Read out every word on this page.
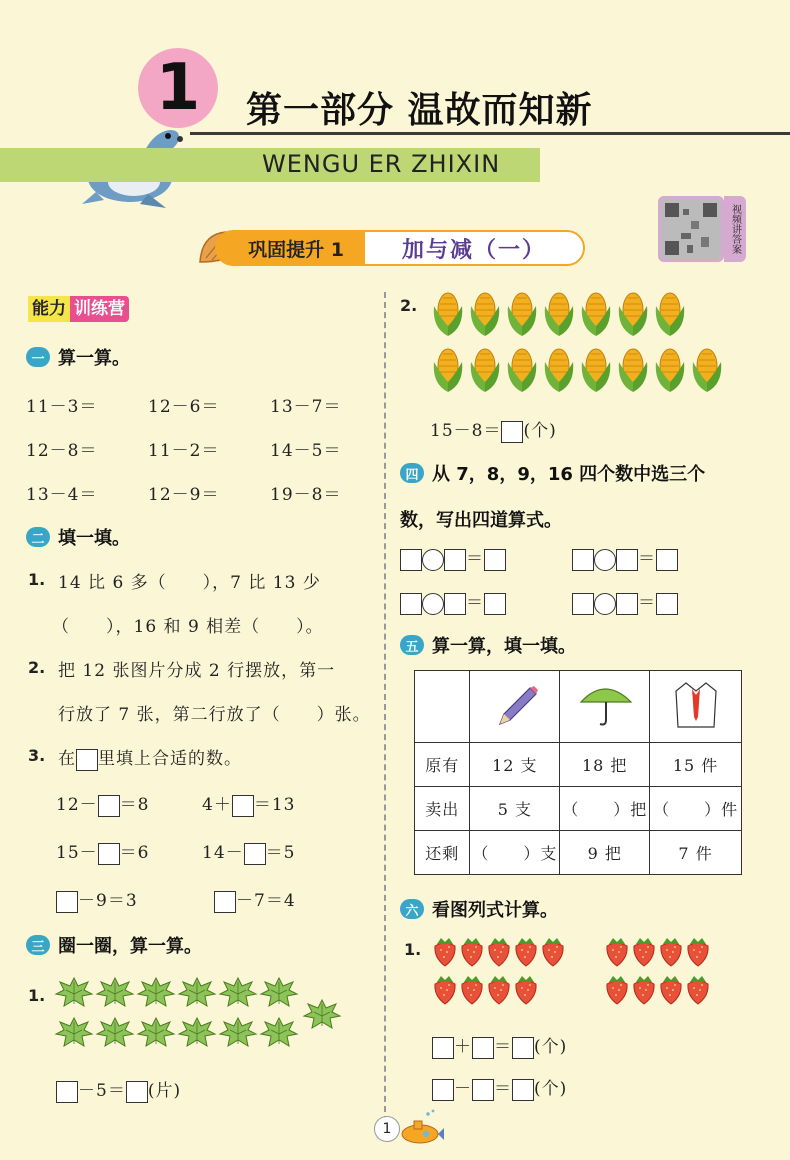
1	第一部分 温故而知新
WENGU ER ZHIXIN
视频讲答案
巩固提升 1	加与减（一）
能力 训练营
一 算一算。
11－3＝	12－6＝	13－7＝
12－8＝	11－2＝	14－5＝
13－4＝	12－9＝	19－8＝
二 填一填。
1. 14 比 6 多（　　），7 比 13 少
（　　），16 和 9 相差（　　）。
2. 把 12 张图片分成 2 行摆放，第一
行放了 7 张，第二行放了（　　）张。
3. 在 里填上合适的数。
12－ ＝8	4＋ ＝13
15－ ＝6	14－ ＝5
－9＝3	－7＝4
三 圈一圈，算一算。
1.
－5＝ (片)
2.
15－8＝ (个)
四 从 7，8，9，16 四个数中选三个
数，写出四道算式。
＝	＝
＝	＝
五 算一算，填一填。

原有	12 支	18 把	15 件
卖出	5 支	（　　）把	（　　）件
还剩	（　　）支	9 把	7 件
六 看图列式计算。
1.
＋ ＝ (个)
－ ＝ (个)
1
